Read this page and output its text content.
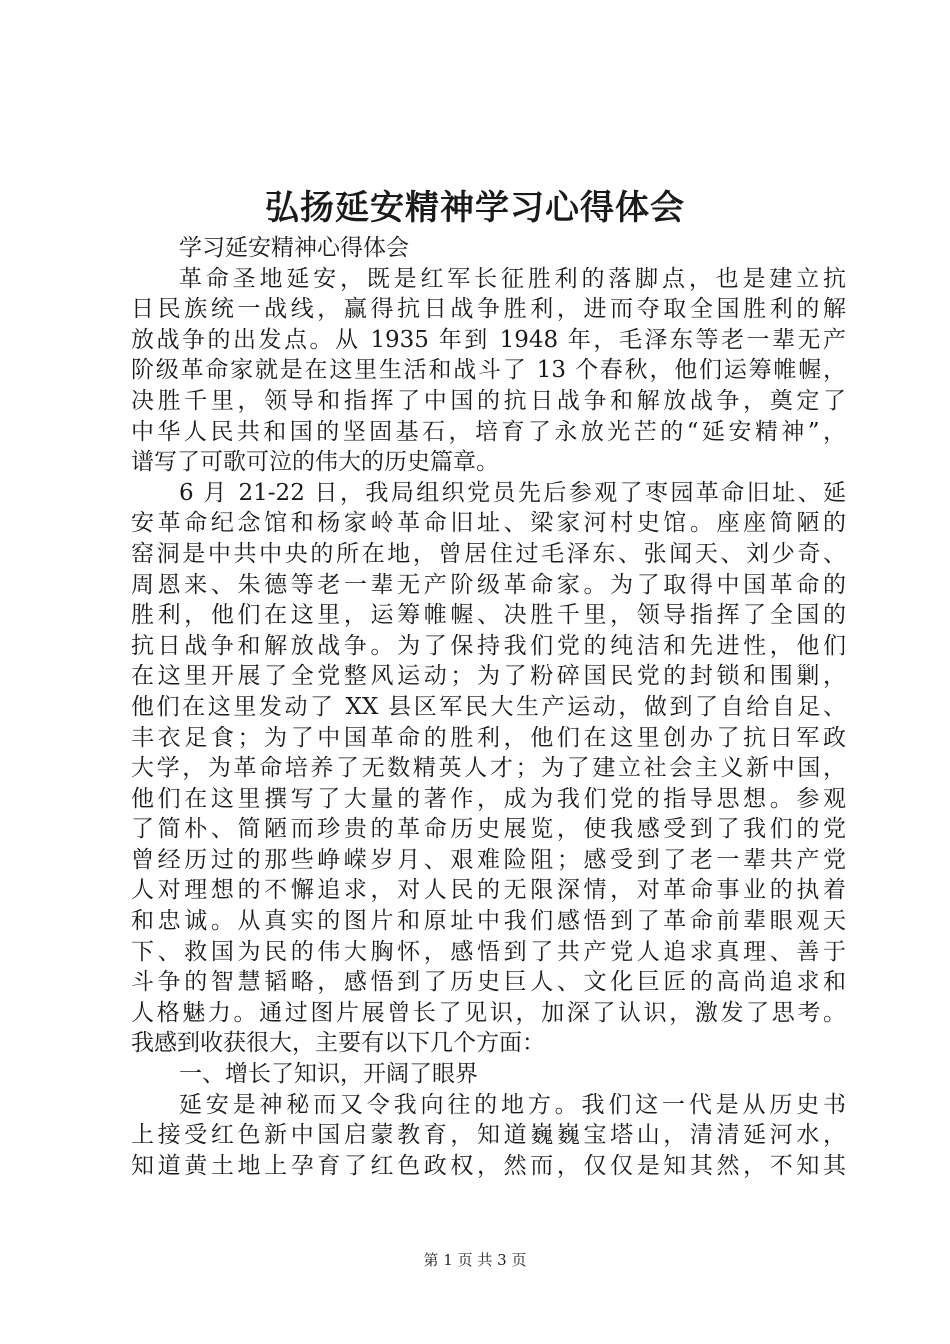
弘扬延安精神学习心得体会
学习延安精神心得体会
革命圣地延安，既是红军长征胜利的落脚点，也是建立抗
日民族统一战线，赢得抗日战争胜利，进而夺取全国胜利的解
放战争的出发点。从 1935 年到 1948 年，毛泽东等老一辈无产
阶级革命家就是在这里生活和战斗了 13 个春秋，他们运筹帷幄，
决胜千里，领导和指挥了中国的抗日战争和解放战争，奠定了
中华人民共和国的坚固基石，培育了永放光芒的“延安精神”，
谱写了可歌可泣的伟大的历史篇章。
6 月 21-22 日，我局组织党员先后参观了枣园革命旧址、延
安革命纪念馆和杨家岭革命旧址、梁家河村史馆。座座简陋的
窑洞是中共中央的所在地，曾居住过毛泽东、张闻天、刘少奇、
周恩来、朱德等老一辈无产阶级革命家。为了取得中国革命的
胜利，他们在这里，运筹帷幄、决胜千里，领导指挥了全国的
抗日战争和解放战争。为了保持我们党的纯洁和先进性，他们
在这里开展了全党整风运动；为了粉碎国民党的封锁和围剿，
他们在这里发动了 XX 县区军民大生产运动，做到了自给自足、
丰衣足食；为了中国革命的胜利，他们在这里创办了抗日军政
大学，为革命培养了无数精英人才；为了建立社会主义新中国，
他们在这里撰写了大量的著作，成为我们党的指导思想。参观
了简朴、简陋而珍贵的革命历史展览，使我感受到了我们的党
曾经历过的那些峥嵘岁月、艰难险阻；感受到了老一辈共产党
人对理想的不懈追求，对人民的无限深情，对革命事业的执着
和忠诚。从真实的图片和原址中我们感悟到了革命前辈眼观天
下、救国为民的伟大胸怀，感悟到了共产党人追求真理、善于
斗争的智慧韬略，感悟到了历史巨人、文化巨匠的高尚追求和
人格魅力。通过图片展曾长了见识，加深了认识，激发了思考。
我感到收获很大，主要有以下几个方面：
一、增长了知识，开阔了眼界
延安是神秘而又令我向往的地方。我们这一代是从历史书
上接受红色新中国启蒙教育，知道巍巍宝塔山，清清延河水，
知道黄土地上孕育了红色政权，然而，仅仅是知其然，不知其
第 1 页 共 3 页
